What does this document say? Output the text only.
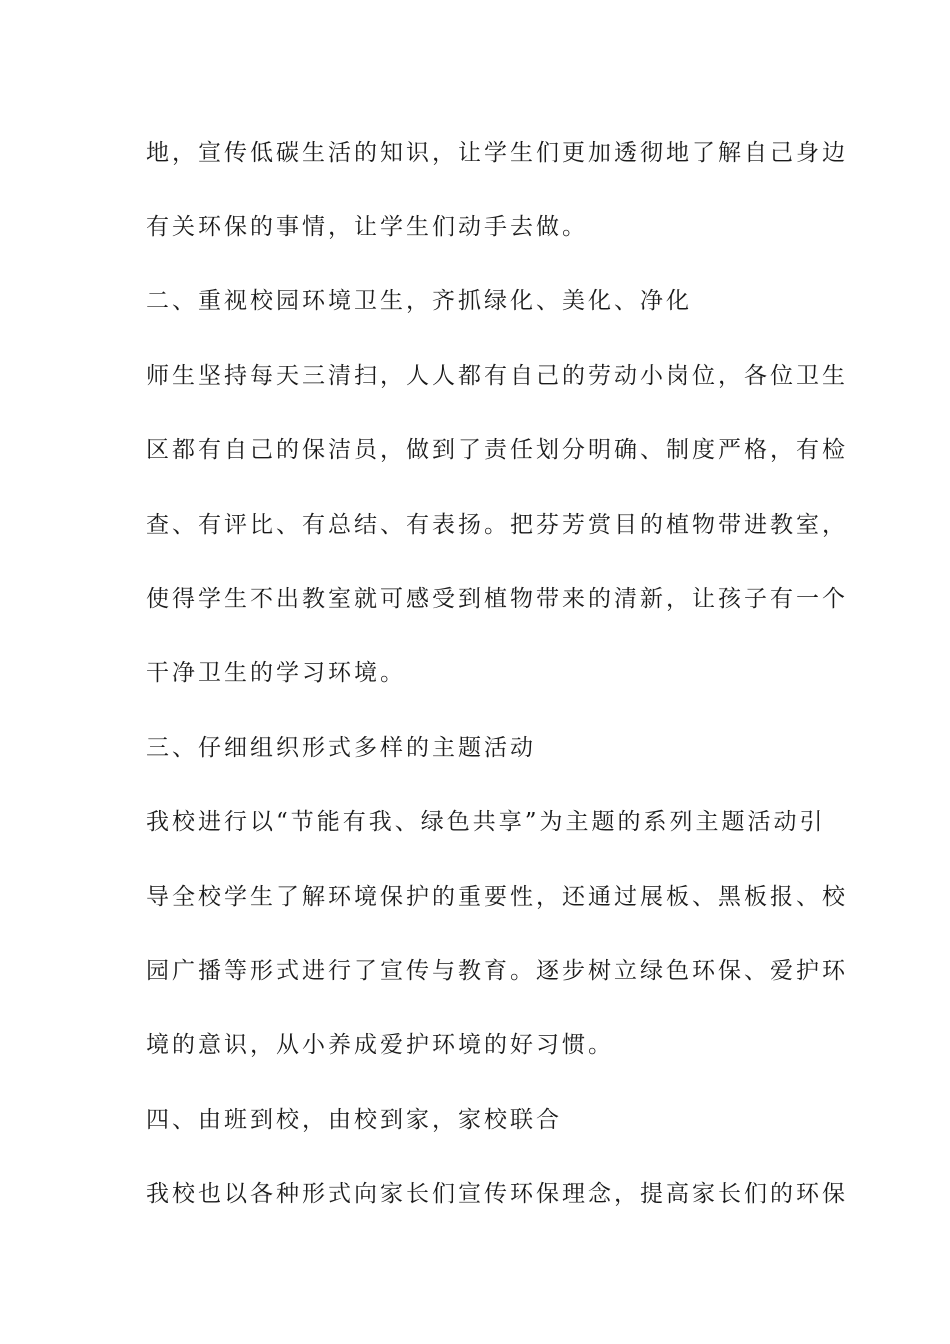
地，宣传低碳生活的知识，让学生们更加透彻地了解自己身边

有关环保的事情，让学生们动手去做。

二、重视校园环境卫生，齐抓绿化、美化、净化

师生坚持每天三清扫，人人都有自己的劳动小岗位，各位卫生

区都有自己的保洁员，做到了责任划分明确、制度严格，有检

查、有评比、有总结、有表扬。把芬芳赏目的植物带进教室，

使得学生不出教室就可感受到植物带来的清新，让孩子有一个

干净卫生的学习环境。

三、仔细组织形式多样的主题活动

我校进行以“节能有我、绿色共享”为主题的系列主题活动引

导全校学生了解环境保护的重要性，还通过展板、黑板报、校

园广播等形式进行了宣传与教育。逐步树立绿色环保、爱护环

境的意识，从小养成爱护环境的好习惯。

四、由班到校，由校到家，家校联合

我校也以各种形式向家长们宣传环保理念，提高家长们的环保
